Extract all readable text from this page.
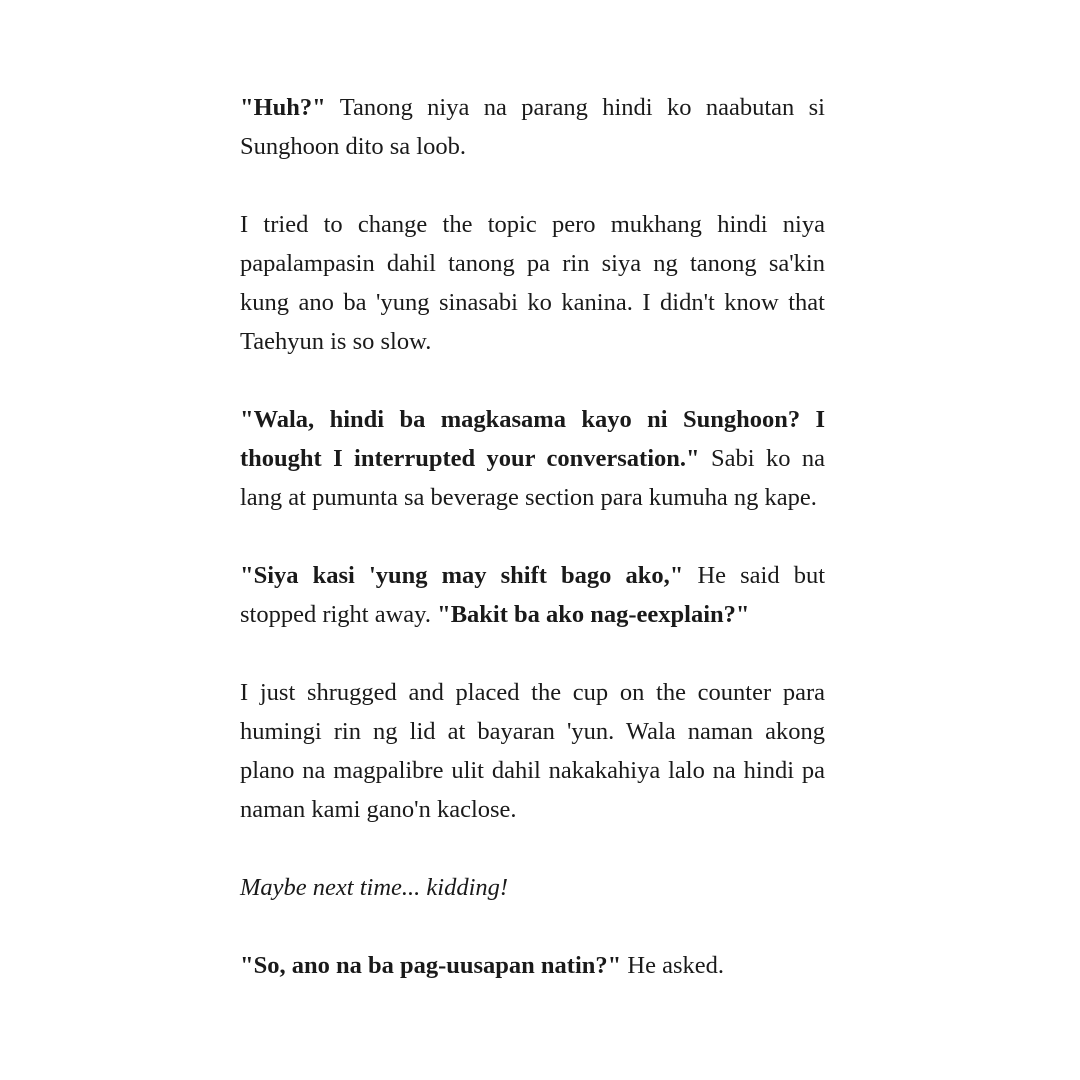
"Huh?" Tanong niya na parang hindi ko naabutan si Sunghoon dito sa loob.

I tried to change the topic pero mukhang hindi niya papalampasin dahil tanong pa rin siya ng tanong sa'kin kung ano ba 'yung sinasabi ko kanina. I didn't know that Taehyun is so slow.

"Wala, hindi ba magkasama kayo ni Sunghoon? I thought I interrupted your conversation." Sabi ko na lang at pumunta sa beverage section para kumuha ng kape.

"Siya kasi 'yung may shift bago ako," He said but stopped right away. "Bakit ba ako nag-eexplain?"

I just shrugged and placed the cup on the counter para humingi rin ng lid at bayaran 'yun. Wala naman akong plano na magpalibre ulit dahil nakakahiya lalo na hindi pa naman kami gano'n kaclose.

Maybe next time... kidding!

"So, ano na ba pag-uusapan natin?" He asked.
